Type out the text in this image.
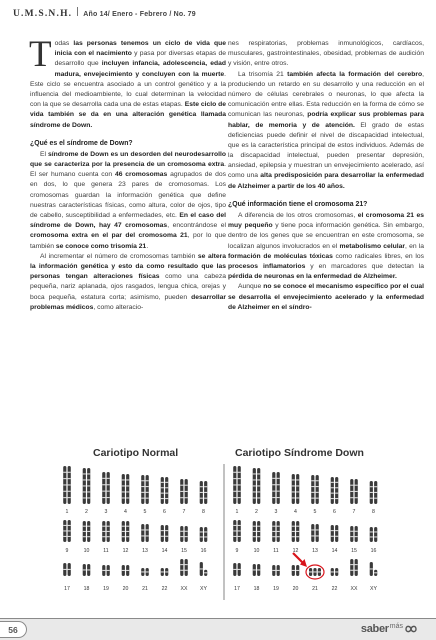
U.M.S.N.H. Año 14/ Enero - Febrero / No. 79

Todas las personas tenemos un ciclo de vida que inicia con el nacimiento y pasa por diversas etapas de desarrollo que incluyen infancia, adolescencia, edad madura, envejecimiento y concluyen con la muerte. Este ciclo se encuentra asociado a un control genético y a la influencia del medioambiente, lo cual determinan la velocidad con la que se desarrolla cada una de estas etapas. Este ciclo de vida también se da en una alteración genética llamada síndrome de Down.

¿Qué es el síndrome de Down?

El síndrome de Down es un desorden del neurodesarrollo que se caracteriza por la presencia de un cromosoma extra. El ser humano cuenta con 46 cromosomas agrupados de dos en dos, lo que genera 23 pares de cromosomas. Los cromosomas guardan la información genética que define nuestras características físicas, como altura, color de ojos, tipo de cabello, susceptibilidad a enfermedades, etc. En el caso del síndrome de Down, hay 47 cromosomas, encontrándose el cromosoma extra en el par del cromosoma 21, por lo que también se conoce como trisomía 21.

Al incrementar el número de cromosomas también se altera la información genética y esto da como resultado que las personas tengan alteraciones físicas como una cabeza pequeña, nariz aplanada, ojos rasgados, lengua chica, orejas y boca pequeña, estatura corta; asimismo, pueden desarrollar problemas médicos, como alteracio-

nes respiratorias, problemas inmunológicos, cardíacos, musculares, gastrointestinales, obesidad, problemas de audición y visión, entre otros.

La trisomía 21 también afecta la formación del cerebro, produciendo un retardo en su desarrollo y una reducción en el número de células cerebrales o neuronas, lo que afecta la comunicación entre ellas. Esta reducción en la forma de cómo se comunican las neuronas, podría explicar sus problemas para hablar, de memoria y de atención. El grado de estas deficiencias puede definir el nivel de discapacidad intelectual, que es la característica principal de estos individuos. Además de la discapacidad intelectual, pueden presentar depresión, ansiedad, epilepsia y muestran un envejecimiento acelerado, así como una alta predisposición para desarrollar la enfermedad de Alzheimer a partir de los 40 años.

¿Qué información tiene el cromosoma 21?

A diferencia de los otros cromosomas, el cromosoma 21 es muy pequeño y tiene poca información genética. Sin embargo, dentro de los genes que se encuentran en este cromosoma, se localizan algunos involucrados en el metabolismo celular, en la formación de moléculas tóxicas como radicales libres, en los procesos inflamatorios y en marcadores que detectan la pérdida de neuronas en la enfermedad de Alzheimer.

Aunque no se conoce el mecanismo específico por el cual se desarrolla el envejecimiento acelerado y la enfermedad de Alzheimer en el síndro-

Cariotipo Normal	Cariotipo Síndrome Down
1	2	3	4	5	6	7	8
9	10	11	12	13	14	15	16
17	18	19	20	21	22	XX XY
1	2	3	4	5	6	7	8
9	10	11	12	13	14	15	16
17	18	19	20	21	22	XX XY
56	saber más
